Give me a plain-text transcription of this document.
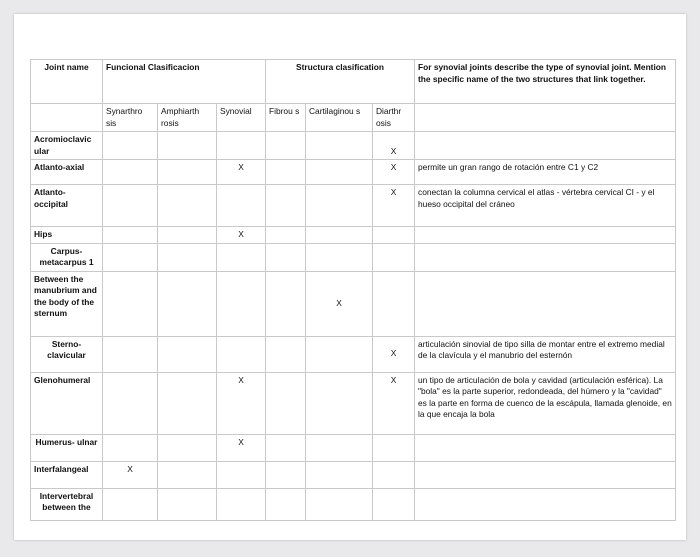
Joint name	Funcional Clasificacion			Structura clasification			For synovial joints describe the type of synovial joint. Mention the specific name of the two structures that link together.
	Synarthro sis	Amphiarth rosis	Synovial	Fibrou s	Cartilaginou s	Diarthr osis	
Acromioclavic ular						X	
Atlanto-axial			X			X	permite un gran rango de rotación entre C1 y C2
Atlanto- occipital						X	conectan la columna cervical el atlas - vértebra cervical CI - y el hueso occipital del cráneo
Hips			X				
Carpus- metacarpus 1							
Between the manubrium and the body of the sternum					X		
Sterno- clavicular						X	articulación sinovial de tipo silla de montar entre el extremo medial de la clavícula y el manubrio del esternón
Glenohumeral			X			X	un tipo de articulación de bola y cavidad (articulación esférica). La "bola" es la parte superior, redondeada, del húmero y la "cavidad" es la parte en forma de cuenco de la escápula, llamada glenoide, en la que encaja la bola
Humerus- ulnar			X				
Interfalangeal	X						
Intervertebral between the							
